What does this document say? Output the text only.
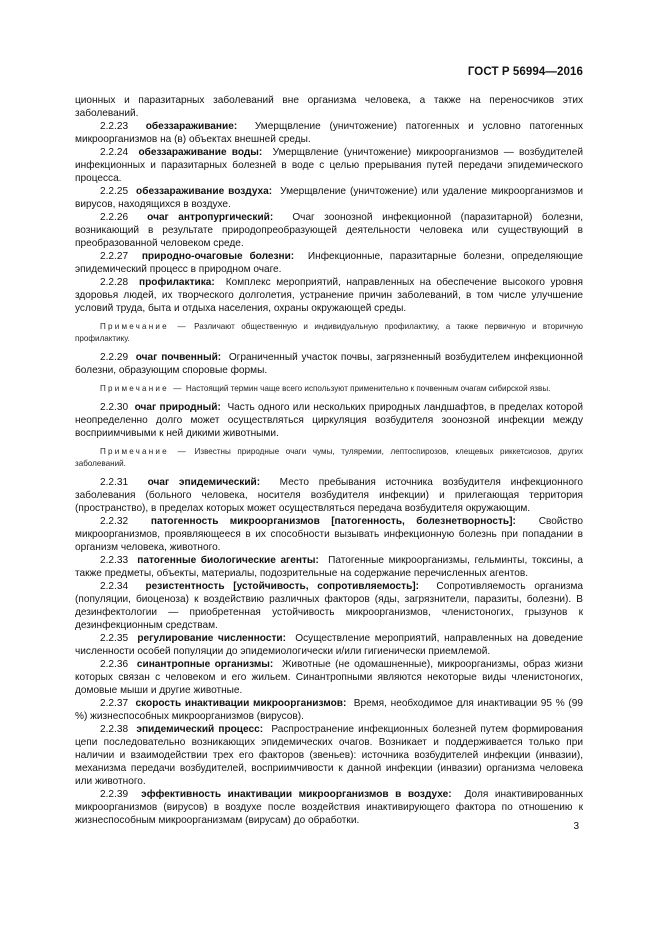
ГОСТ Р 56994—2016

ционных и паразитарных заболеваний вне организма человека, а также на переносчиков этих заболеваний.

2.2.23 обеззараживание: Умерщвление (уничтожение) патогенных и условно патогенных микроорганизмов на (в) объектах внешней среды.

2.2.24 обеззараживание воды: Умерщвление (уничтожение) микроорганизмов — возбудителей инфекционных и паразитарных болезней в воде с целью прерывания путей передачи эпидемического процесса.

2.2.25 обеззараживание воздуха: Умерщвление (уничтожение) или удаление микроорганизмов и вирусов, находящихся в воздухе.

2.2.26 очаг антропургический: Очаг зоонозной инфекционной (паразитарной) болезни, возникающий в результате природопреобразующей деятельности человека или существующий в преобразованной человеком среде.

2.2.27 природно-очаговые болезни: Инфекционные, паразитарные болезни, определяющие эпидемический процесс в природном очаге.

2.2.28 профилактика: Комплекс мероприятий, направленных на обеспечение высокого уровня здоровья людей, их творческого долголетия, устранение причин заболеваний, в том числе улучшение условий труда, быта и отдыха населения, охраны окружающей среды.

Примечание — Различают общественную и индивидуальную профилактику, а также первичную и вторичную профилактику.

2.2.29 очаг почвенный: Ограниченный участок почвы, загрязненный возбудителем инфекционной болезни, образующим споровые формы.

Примечание — Настоящий термин чаще всего используют применительно к почвенным очагам сибирской язвы.

2.2.30 очаг природный: Часть одного или нескольких природных ландшафтов, в пределах которой неопределенно долго может осуществляться циркуляция возбудителя зоонозной инфекции между восприимчивыми к ней дикими животными.

Примечание — Известны природные очаги чумы, туляремии, лептоспирозов, клещевых риккетсиозов, других заболеваний.

2.2.31 очаг эпидемический: Место пребывания источника возбудителя инфекционного заболевания (больного человека, носителя возбудителя инфекции) и прилегающая территория (пространство), в пределах которых может осуществляться передача возбудителя окружающим.

2.2.32 патогенность микроорганизмов [патогенность, болезнетворность]: Свойство микроорганизмов, проявляющееся в их способности вызывать инфекционную болезнь при попадании в организм человека, животного.

2.2.33 патогенные биологические агенты: Патогенные микроорганизмы, гельминты, токсины, а также предметы, объекты, материалы, подозрительные на содержание перечисленных агентов.

2.2.34 резистентность [устойчивость, сопротивляемость]: Сопротивляемость организма (популяции, биоценоза) к воздействию различных факторов (яды, загрязнители, паразиты, болезни). В дезинфектологии — приобретенная устойчивость микроорганизмов, членистоногих, грызунов к дезинфекционным средствам.

2.2.35 регулирование численности: Осуществление мероприятий, направленных на доведение численности особей популяции до эпидемиологически и/или гигиенически приемлемой.

2.2.36 синантропные организмы: Животные (не одомашненные), микроорганизмы, образ жизни которых связан с человеком и его жильем. Синантропными являются некоторые виды членистоногих, домовые мыши и другие животные.

2.2.37 скорость инактивации микроорганизмов: Время, необходимое для инактивации 95 % (99 %) жизнеспособных микроорганизмов (вирусов).

2.2.38 эпидемический процесс: Распространение инфекционных болезней путем формирования цепи последовательно возникающих эпидемических очагов. Возникает и поддерживается только при наличии и взаимодействии трех его факторов (звеньев): источника возбудителей инфекции (инвазии), механизма передачи возбудителей, восприимчивости к данной инфекции (инвазии) организма человека или животного.

2.2.39 эффективность инактивации микроорганизмов в воздухе: Доля инактивированных микроорганизмов (вирусов) в воздухе после воздействия инактивирующего фактора по отношению к жизнеспособным микроорганизмам (вирусам) до обработки.

3
